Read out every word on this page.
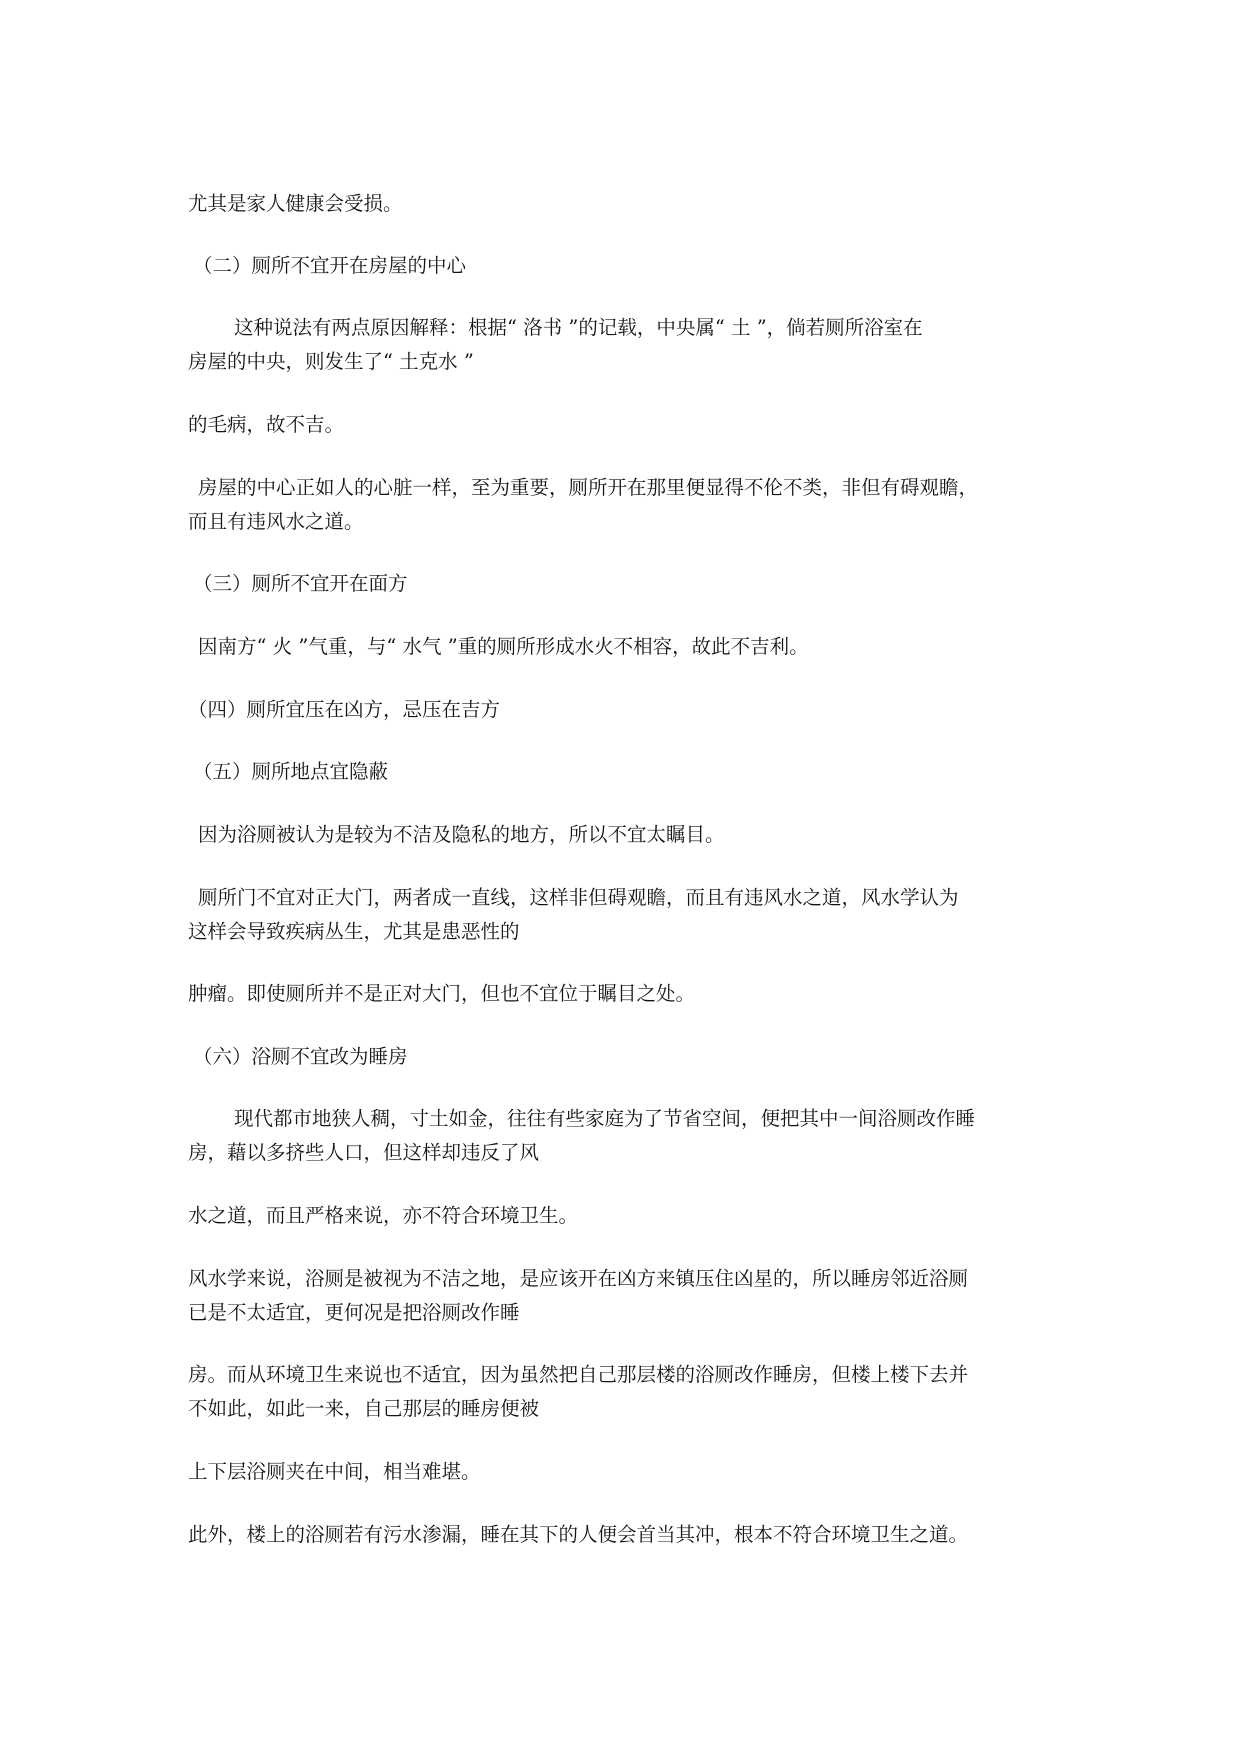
尤其是家人健康会受损。

（二）厕所不宜开在房屋的中心

这种说法有两点原因解释：根据“ 洛书 ”的记载，中央属“ 土 ”，倘若厕所浴室在

房屋的中央，则发生了“ 土克水 ”

的毛病，故不吉。

房屋的中心正如人的心脏一样，至为重要，厕所开在那里便显得不伦不类，非但有碍观瞻，

而且有违风水之道。

（三）厕所不宜开在面方

因南方“ 火 ”气重，与“ 水气 ”重的厕所形成水火不相容，故此不吉利。

（四）厕所宜压在凶方，忌压在吉方

（五）厕所地点宜隐蔽

因为浴厕被认为是较为不洁及隐私的地方，所以不宜太瞩目。

厕所门不宜对正大门，两者成一直线，这样非但碍观瞻，而且有违风水之道，风水学认为

这样会导致疾病丛生，尤其是患恶性的

肿瘤。即使厕所并不是正对大门，但也不宜位于瞩目之处。

（六）浴厕不宜改为睡房

现代都市地狭人稠，寸土如金，往往有些家庭为了节省空间，便把其中一间浴厕改作睡

房，藉以多挤些人口，但这样却违反了风

水之道，而且严格来说，亦不符合环境卫生。

风水学来说，浴厕是被视为不洁之地，是应该开在凶方来镇压住凶星的，所以睡房邻近浴厕

已是不太适宜，更何况是把浴厕改作睡

房。而从环境卫生来说也不适宜，因为虽然把自己那层楼的浴厕改作睡房，但楼上楼下去并

不如此，如此一来，自己那层的睡房便被

上下层浴厕夹在中间，相当难堪。

此外，楼上的浴厕若有污水渗漏，睡在其下的人便会首当其冲，根本不符合环境卫生之道。
